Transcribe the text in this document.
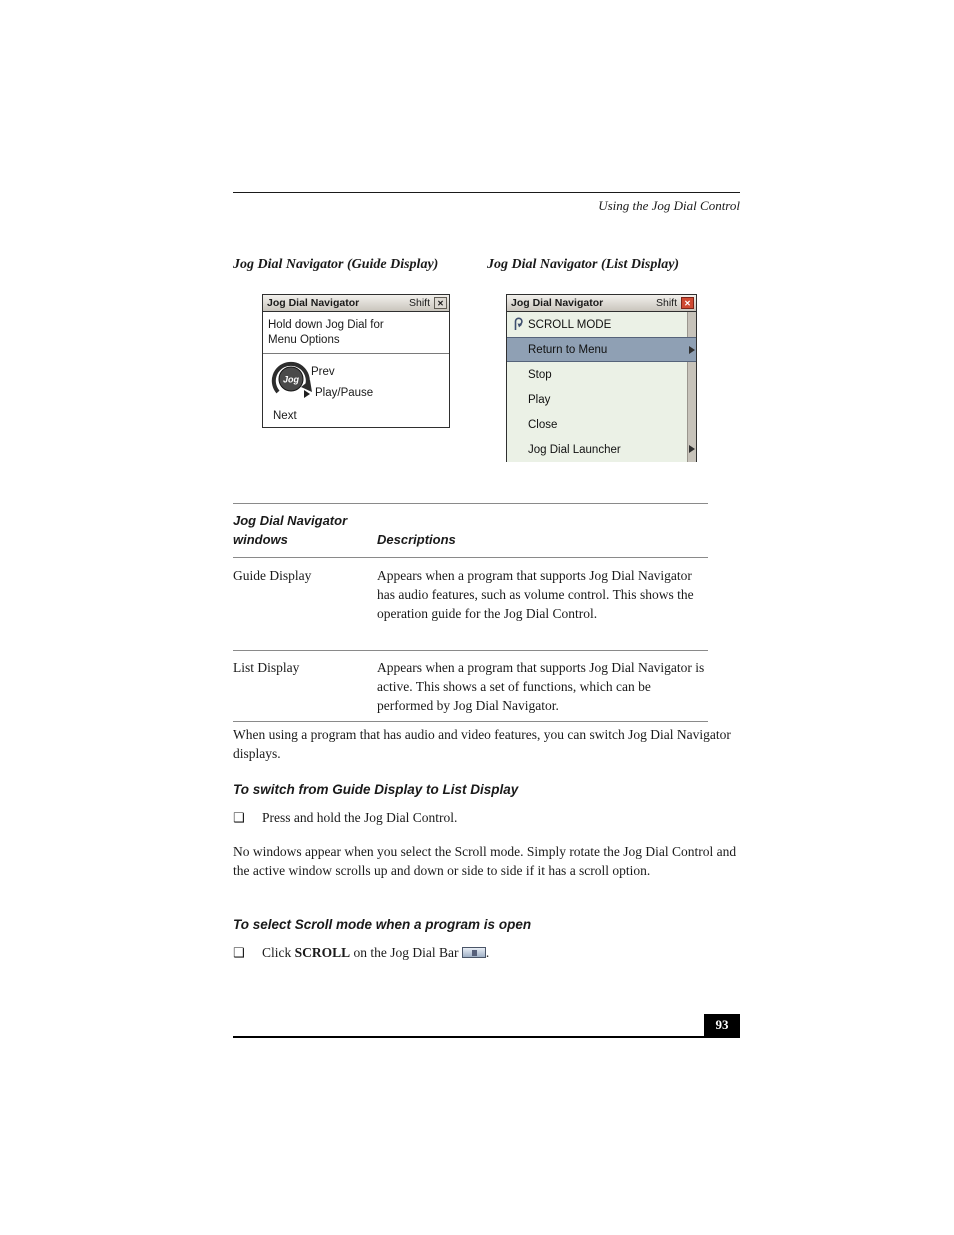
Using the Jog Dial Control
Jog Dial Navigator (Guide Display)	Jog Dial Navigator (List Display)
Jog Dial Navigator	Shift ✕
Hold down Jog Dial for
Menu Options
Jog
Prev
Play/Pause
Next
Jog Dial Navigator	Shift ✕
SCROLL MODE
Return to Menu
Stop
Play
Close
Jog Dial Launcher
Jog Dial Navigator
windows	Descriptions
Guide Display	Appears when a program that supports Jog Dial Navigator has audio features, such as volume control. This shows the operation guide for the Jog Dial Control.
List Display	Appears when a program that supports Jog Dial Navigator is active. This shows a set of functions, which can be performed by Jog Dial Navigator.
When using a program that has audio and video features, you can switch Jog Dial Navigator displays.
To switch from Guide Display to List Display
❑ Press and hold the Jog Dial Control.
No windows appear when you select the Scroll mode. Simply rotate the Jog Dial Control and the active window scrolls up and down or side to side if it has a scroll option.
To select Scroll mode when a program is open
❑ Click SCROLL on the Jog Dial Bar
.
93
